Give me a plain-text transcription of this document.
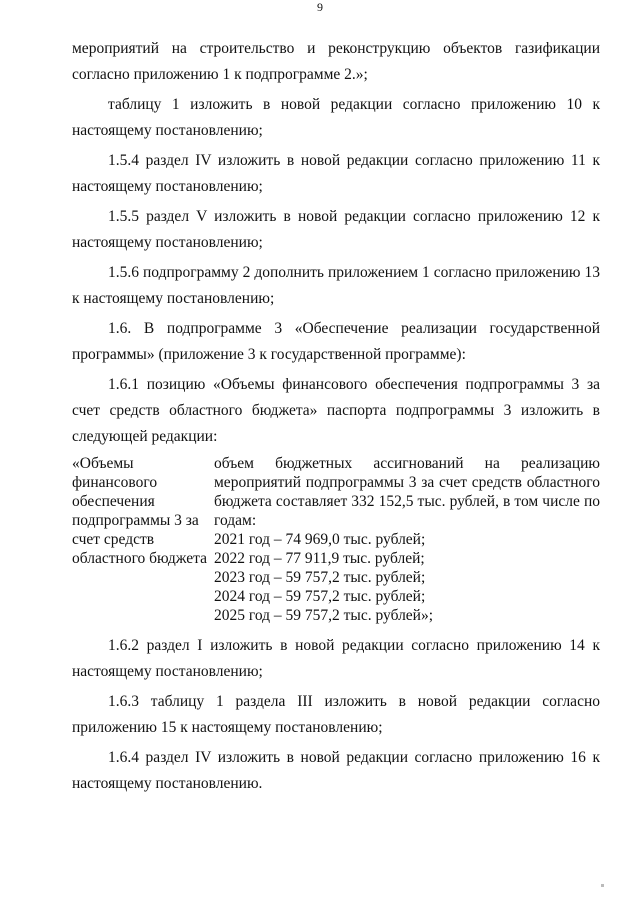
9

мероприятий на строительство и реконструкцию объектов газификации согласно приложению 1 к подпрограмме 2.»;

таблицу 1 изложить в новой редакции согласно приложению 10 к настоящему постановлению;

1.5.4 раздел IV изложить в новой редакции согласно приложению 11 к настоящему постановлению;

1.5.5 раздел V изложить в новой редакции согласно приложению 12 к настоящему постановлению;

1.5.6 подпрограмму 2 дополнить приложением 1 согласно приложению 13 к настоящему постановлению;

1.6. В подпрограмме 3 «Обеспечение реализации государственной программы» (приложение 3 к государственной программе):

1.6.1 позицию «Объемы финансового обеспечения подпрограммы 3 за счет средств областного бюджета» паспорта подпрограммы 3 изложить в следующей редакции:

«Объемы финансового обеспечения подпрограммы 3 за счет средств областного бюджета
объем бюджетных ассигнований на реализацию мероприятий подпрограммы 3 за счет средств областного бюджета составляет 332 152,5 тыс. рублей, в том числе по годам:
2021 год – 74 969,0 тыс. рублей;
2022 год – 77 911,9 тыс. рублей;
2023 год – 59 757,2 тыс. рублей;
2024 год – 59 757,2 тыс. рублей;
2025 год – 59 757,2 тыс. рублей»;

1.6.2 раздел I изложить в новой редакции согласно приложению 14 к настоящему постановлению;

1.6.3 таблицу 1 раздела III изложить в новой редакции согласно приложению 15 к настоящему постановлению;

1.6.4 раздел IV изложить в новой редакции согласно приложению 16 к настоящему постановлению.
